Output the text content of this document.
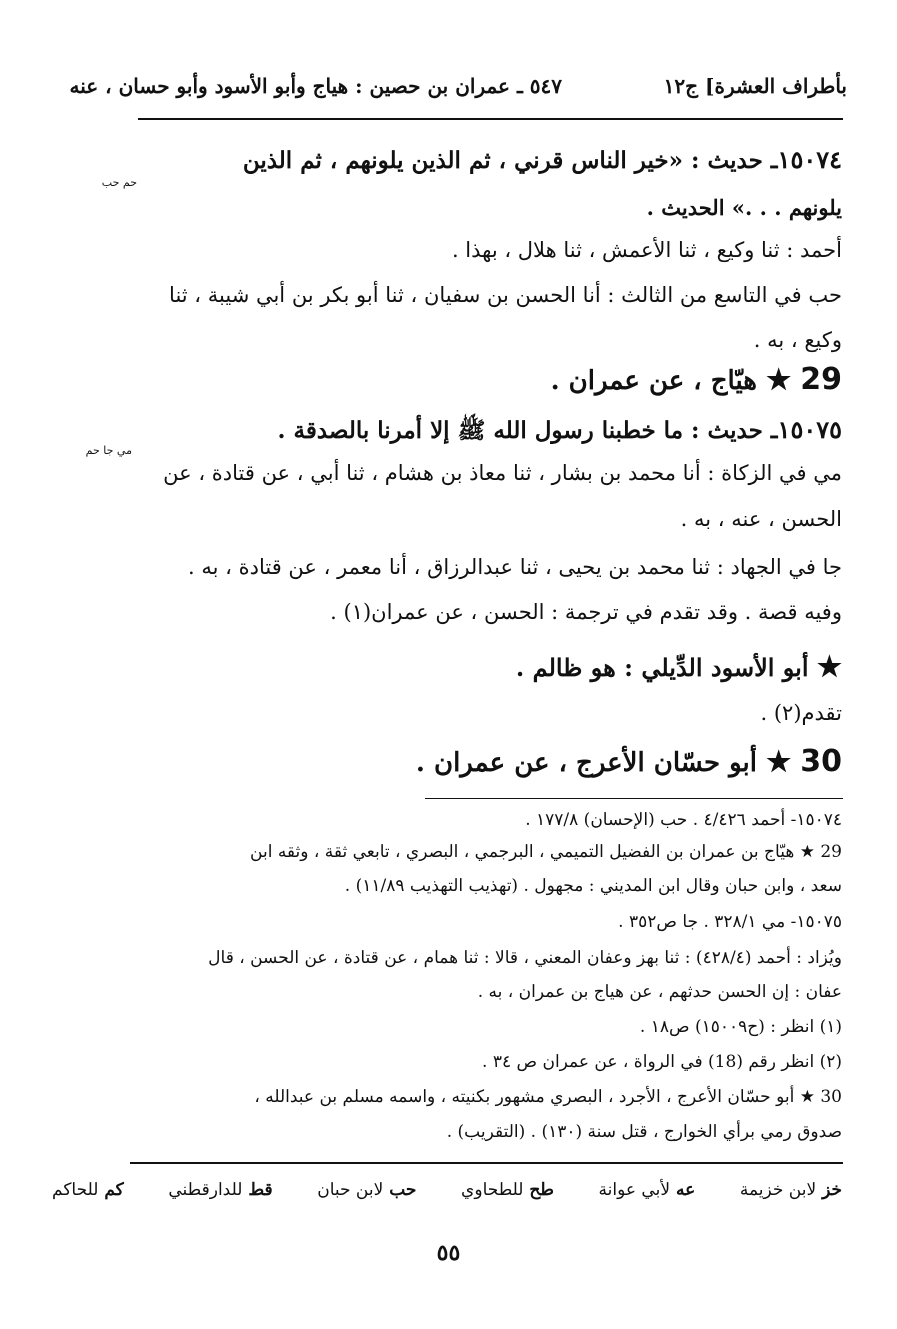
بأطراف العشرة] ج١٢
٥٤٧ ـ عمران بن حصين : هياج وأبو الأسود وأبو حسان ، عنه
١٥٠٧٤ـ حديث : «خير الناس قرني ، ثم الذين يلونهم ، ثم الذين
حم حب
يلونهم . . .» الحديث .
أحمد : ثنا وكيع ، ثنا الأعمش ، ثنا هلال ، بهذا .
حب في التاسع من الثالث : أنا الحسن بن سفيان ، ثنا أبو بكر بن أبي شيبة ، ثنا
وكيع ، به .
29 ★ هيّاج ، عن عمران .
١٥٠٧٥ـ حديث : ما خطبنا رسول الله ﷺ إلا أمرنا بالصدقة .
مي جا حم
مي في الزكاة : أنا محمد بن بشار ، ثنا معاذ بن هشام ، ثنا أبي ، عن قتادة ، عن
الحسن ، عنه ، به .
جا في الجهاد : ثنا محمد بن يحيى ، ثنا عبدالرزاق ، أنا معمر ، عن قتادة ، به .
وفيه قصة . وقد تقدم في ترجمة : الحسن ، عن عمران(١) .
★ أبو الأسود الدِّيلي : هو ظالم .
تقدم(٢) .
30 ★ أبو حسّان الأعرج ، عن عمران .
١٥٠٧٤- أحمد ٤/٤٢٦ . حب (الإحسان) ١٧٧/٨ .
29 ★ هيّاج بن عمران بن الفضيل التميمي ، البرجمي ، البصري ، تابعي ثقة ، وثقه ابن
سعد ، وابن حبان وقال ابن المديني : مجهول . (تهذيب التهذيب ١١/٨٩) .
١٥٠٧٥- مي ٣٢٨/١ . جا ص٣٥٢ .
ويُزاد : أحمد (٤٢٨/٤) : ثنا بهز وعفان المعني ، قالا : ثنا همام ، عن قتادة ، عن الحسن ، قال
عفان : إن الحسن حدثهم ، عن هياج بن عمران ، به .
(١) انظر : (ح١٥٠٠٩) ص١٨ .
(٢) انظر رقم (18) في الرواة ، عن عمران ص ٣٤ .
30 ★ أبو حسّان الأعرج ، الأجرد ، البصري مشهور بكنيته ، واسمه مسلم بن عبدالله ،
صدوق رمي برأي الخوارج ، قتل سنة (١٣٠) . (التقريب) .
خز لابن خزيمة
عه لأبي عوانة
طح للطحاوي
حب لابن حبان
قط للدارقطني
كم للحاكم
٥٥
